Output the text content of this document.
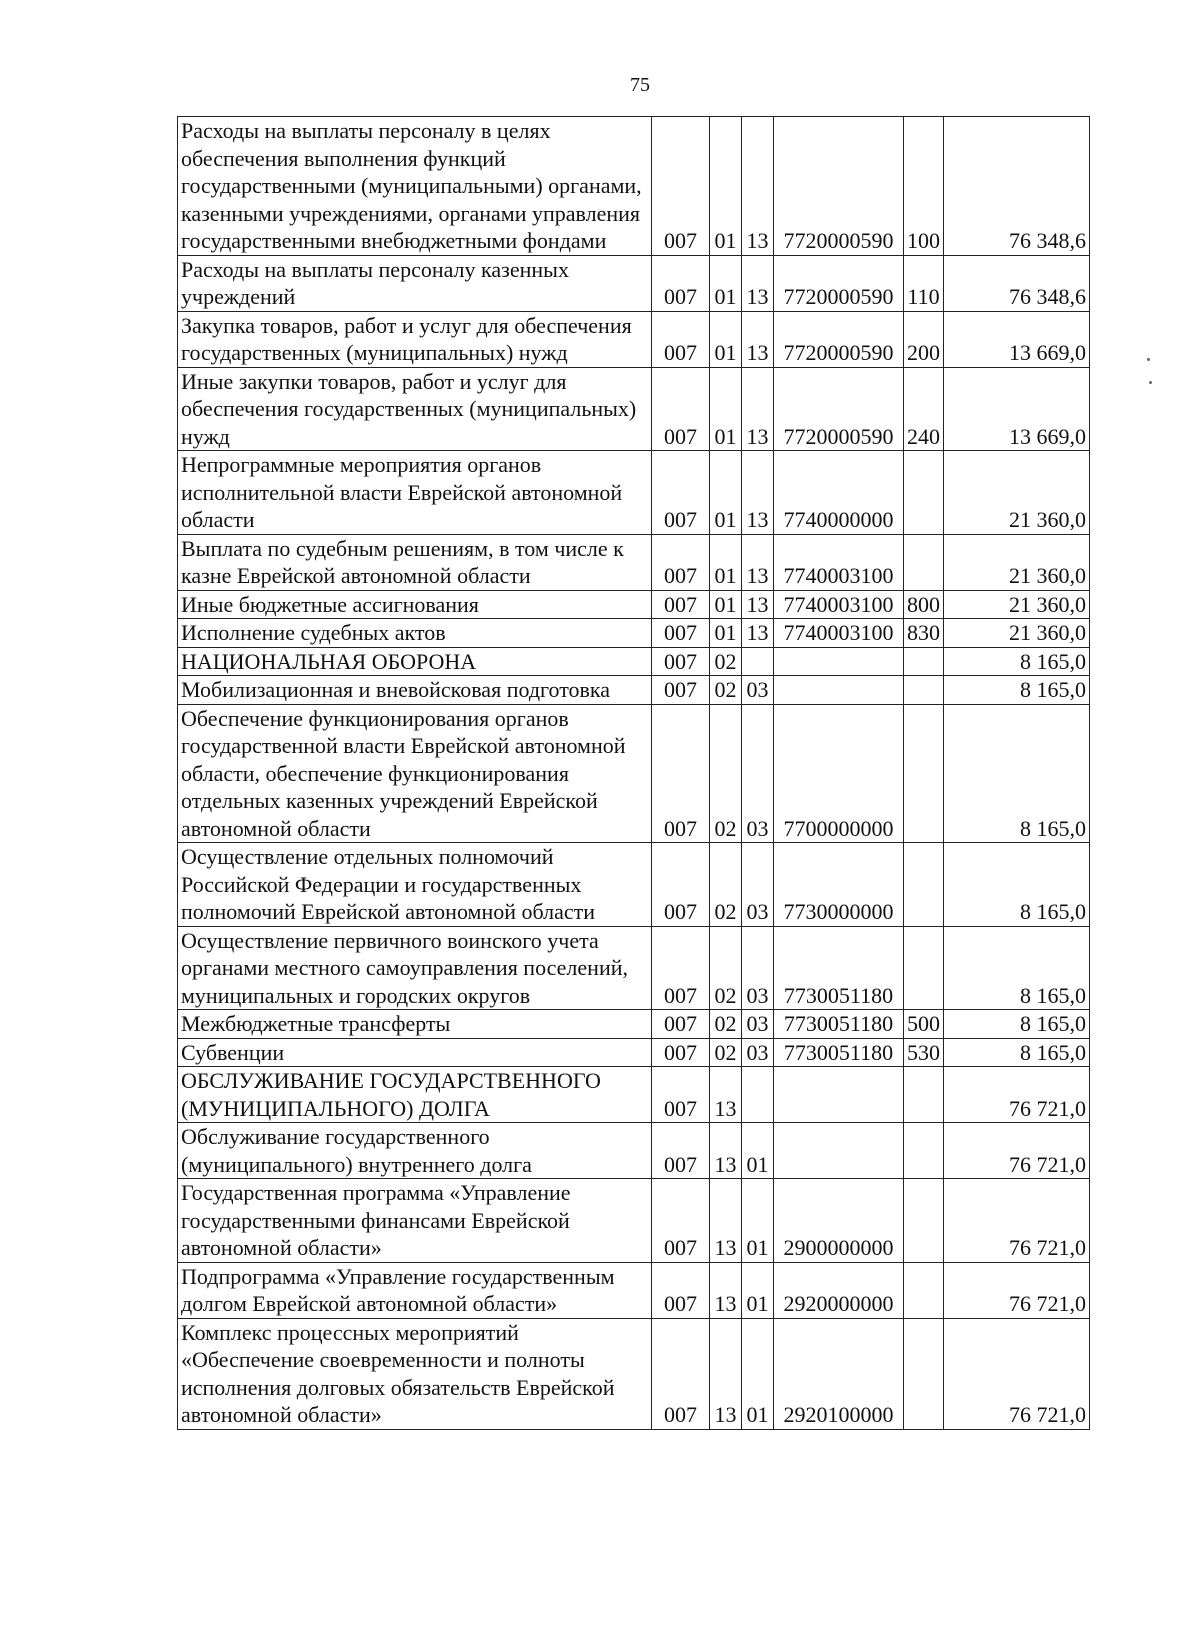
75
Расходы на выплаты персоналу в целях обеспечения выполнения функций государственными (муниципальными) органами, казенными учреждениями, органами управления государственными внебюджетными фондами	007	01	13	7720000590	100	76 348,6
Расходы на выплаты персоналу казенных учреждений	007	01	13	7720000590	110	76 348,6
Закупка товаров, работ и услуг для обеспечения государственных (муниципальных) нужд	007	01	13	7720000590	200	13 669,0
Иные закупки товаров, работ и услуг для обеспечения государственных (муниципальных) нужд	007	01	13	7720000590	240	13 669,0
Непрограммные мероприятия органов исполнительной власти Еврейской автономной области	007	01	13	7740000000		21 360,0
Выплата по судебным решениям, в том числе к казне Еврейской автономной области	007	01	13	7740003100		21 360,0
Иные бюджетные ассигнования	007	01	13	7740003100	800	21 360,0
Исполнение судебных актов	007	01	13	7740003100	830	21 360,0
НАЦИОНАЛЬНАЯ ОБОРОНА	007	02				8 165,0
Мобилизационная и вневойсковая подготовка	007	02	03			8 165,0
Обеспечение функционирования органов государственной власти Еврейской автономной области, обеспечение функционирования отдельных казенных учреждений Еврейской автономной области	007	02	03	7700000000		8 165,0
Осуществление отдельных полномочий Российской Федерации и государственных полномочий Еврейской автономной области	007	02	03	7730000000		8 165,0
Осуществление первичного воинского учета органами местного самоуправления поселений, муниципальных и городских округов	007	02	03	7730051180		8 165,0
Межбюджетные трансферты	007	02	03	7730051180	500	8 165,0
Субвенции	007	02	03	7730051180	530	8 165,0
ОБСЛУЖИВАНИЕ ГОСУДАРСТВЕННОГО (МУНИЦИПАЛЬНОГО) ДОЛГА	007	13				76 721,0
Обслуживание государственного (муниципального) внутреннего долга	007	13	01			76 721,0
Государственная программа «Управление государственными финансами Еврейской автономной области»	007	13	01	2900000000		76 721,0
Подпрограмма «Управление государственным долгом Еврейской автономной области»	007	13	01	2920000000		76 721,0
Комплекс процессных мероприятий «Обеспечение своевременности и полноты исполнения долговых обязательств Еврейской автономной области»	007	13	01	2920100000		76 721,0
